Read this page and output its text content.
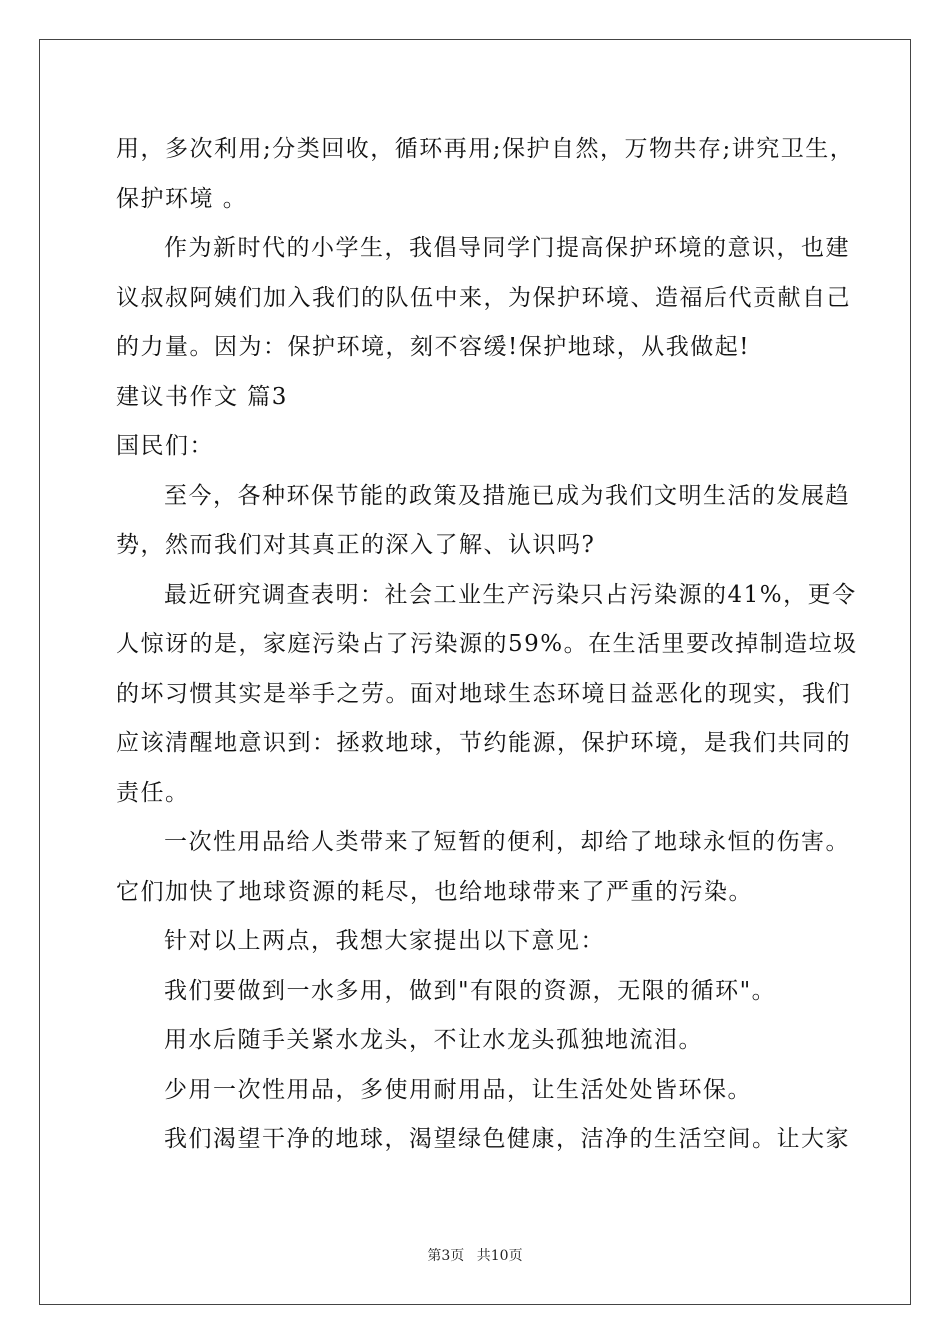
用，多次利用;分类回收，循环再用;保护自然，万物共存;讲究卫生，
保护环境 。
作为新时代的小学生，我倡导同学门提高保护环境的意识，也建
议叔叔阿姨们加入我们的队伍中来，为保护环境、造福后代贡献自己
的力量。因为：保护环境，刻不容缓!保护地球，从我做起!
建议书作文 篇3
国民们：
至今，各种环保节能的政策及措施已成为我们文明生活的发展趋
势，然而我们对其真正的深入了解、认识吗?
最近研究调查表明：社会工业生产污染只占污染源的41%，更令
人惊讶的是，家庭污染占了污染源的59%。在生活里要改掉制造垃圾
的坏习惯其实是举手之劳。面对地球生态环境日益恶化的现实，我们
应该清醒地意识到：拯救地球，节约能源，保护环境，是我们共同的
责任。
一次性用品给人类带来了短暂的便利，却给了地球永恒的伤害。
它们加快了地球资源的耗尽，也给地球带来了严重的污染。
针对以上两点，我想大家提出以下意见：
我们要做到一水多用，做到"有限的资源，无限的循环"。
用水后随手关紧水龙头，不让水龙头孤独地流泪。
少用一次性用品，多使用耐用品，让生活处处皆环保。
我们渴望干净的地球，渴望绿色健康，洁净的生活空间。让大家
第3页 共10页
